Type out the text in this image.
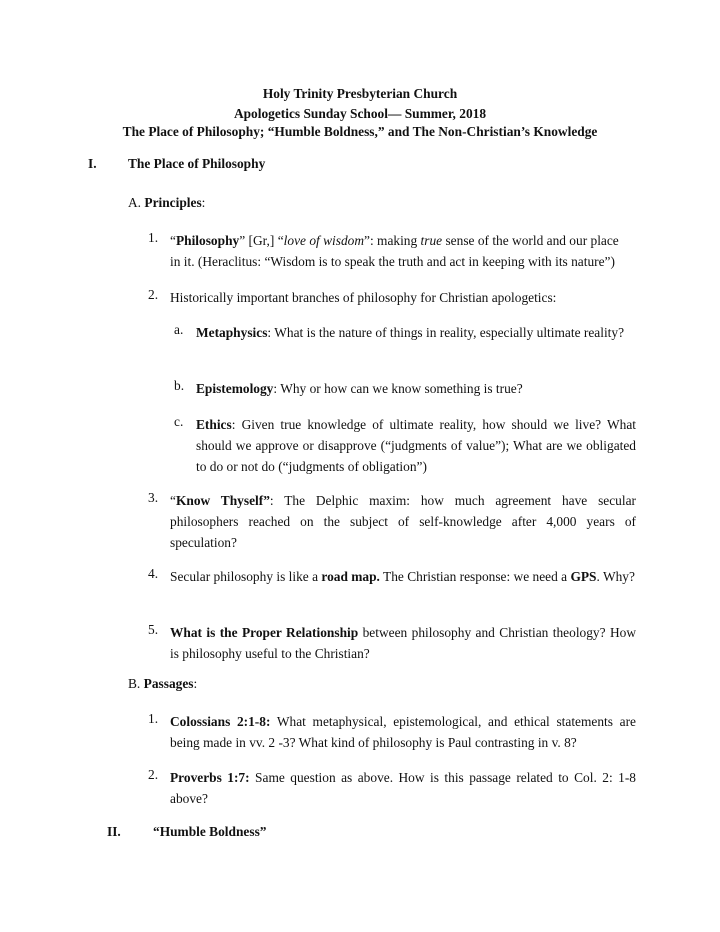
Holy Trinity Presbyterian Church
Apologetics Sunday School— Summer, 2018
The Place of Philosophy; “Humble Boldness,” and The Non-Christian’s Knowledge
I. The Place of Philosophy
A. Principles:
1. “Philosophy” [Gr,] “love of wisdom”: making true sense of the world and our place
in it. (Heraclitus: “Wisdom is to speak the truth and act in keeping with its nature”)
2. Historically important branches of philosophy for Christian apologetics:
a. Metaphysics: What is the nature of things in reality, especially ultimate reality?
b. Epistemology: Why or how can we know something is true?
c. Ethics: Given true knowledge of ultimate reality, how should we live? What should we approve or disapprove (“judgments of value”); What are we obligated to do or not do (“judgments of obligation”)
3. “Know Thyself”: The Delphic maxim: how much agreement have secular philosophers reached on the subject of self-knowledge after 4,000 years of speculation?
4. Secular philosophy is like a road map. The Christian response: we need a GPS. Why?
5. What is the Proper Relationship between philosophy and Christian theology? How is philosophy useful to the Christian?
B. Passages:
1. Colossians 2:1-8: What metaphysical, epistemological, and ethical statements are being made in vv. 2 -3? What kind of philosophy is Paul contrasting in v. 8?
2. Proverbs 1:7: Same question as above. How is this passage related to Col. 2: 1-8 above?
II. “Humble Boldness”
